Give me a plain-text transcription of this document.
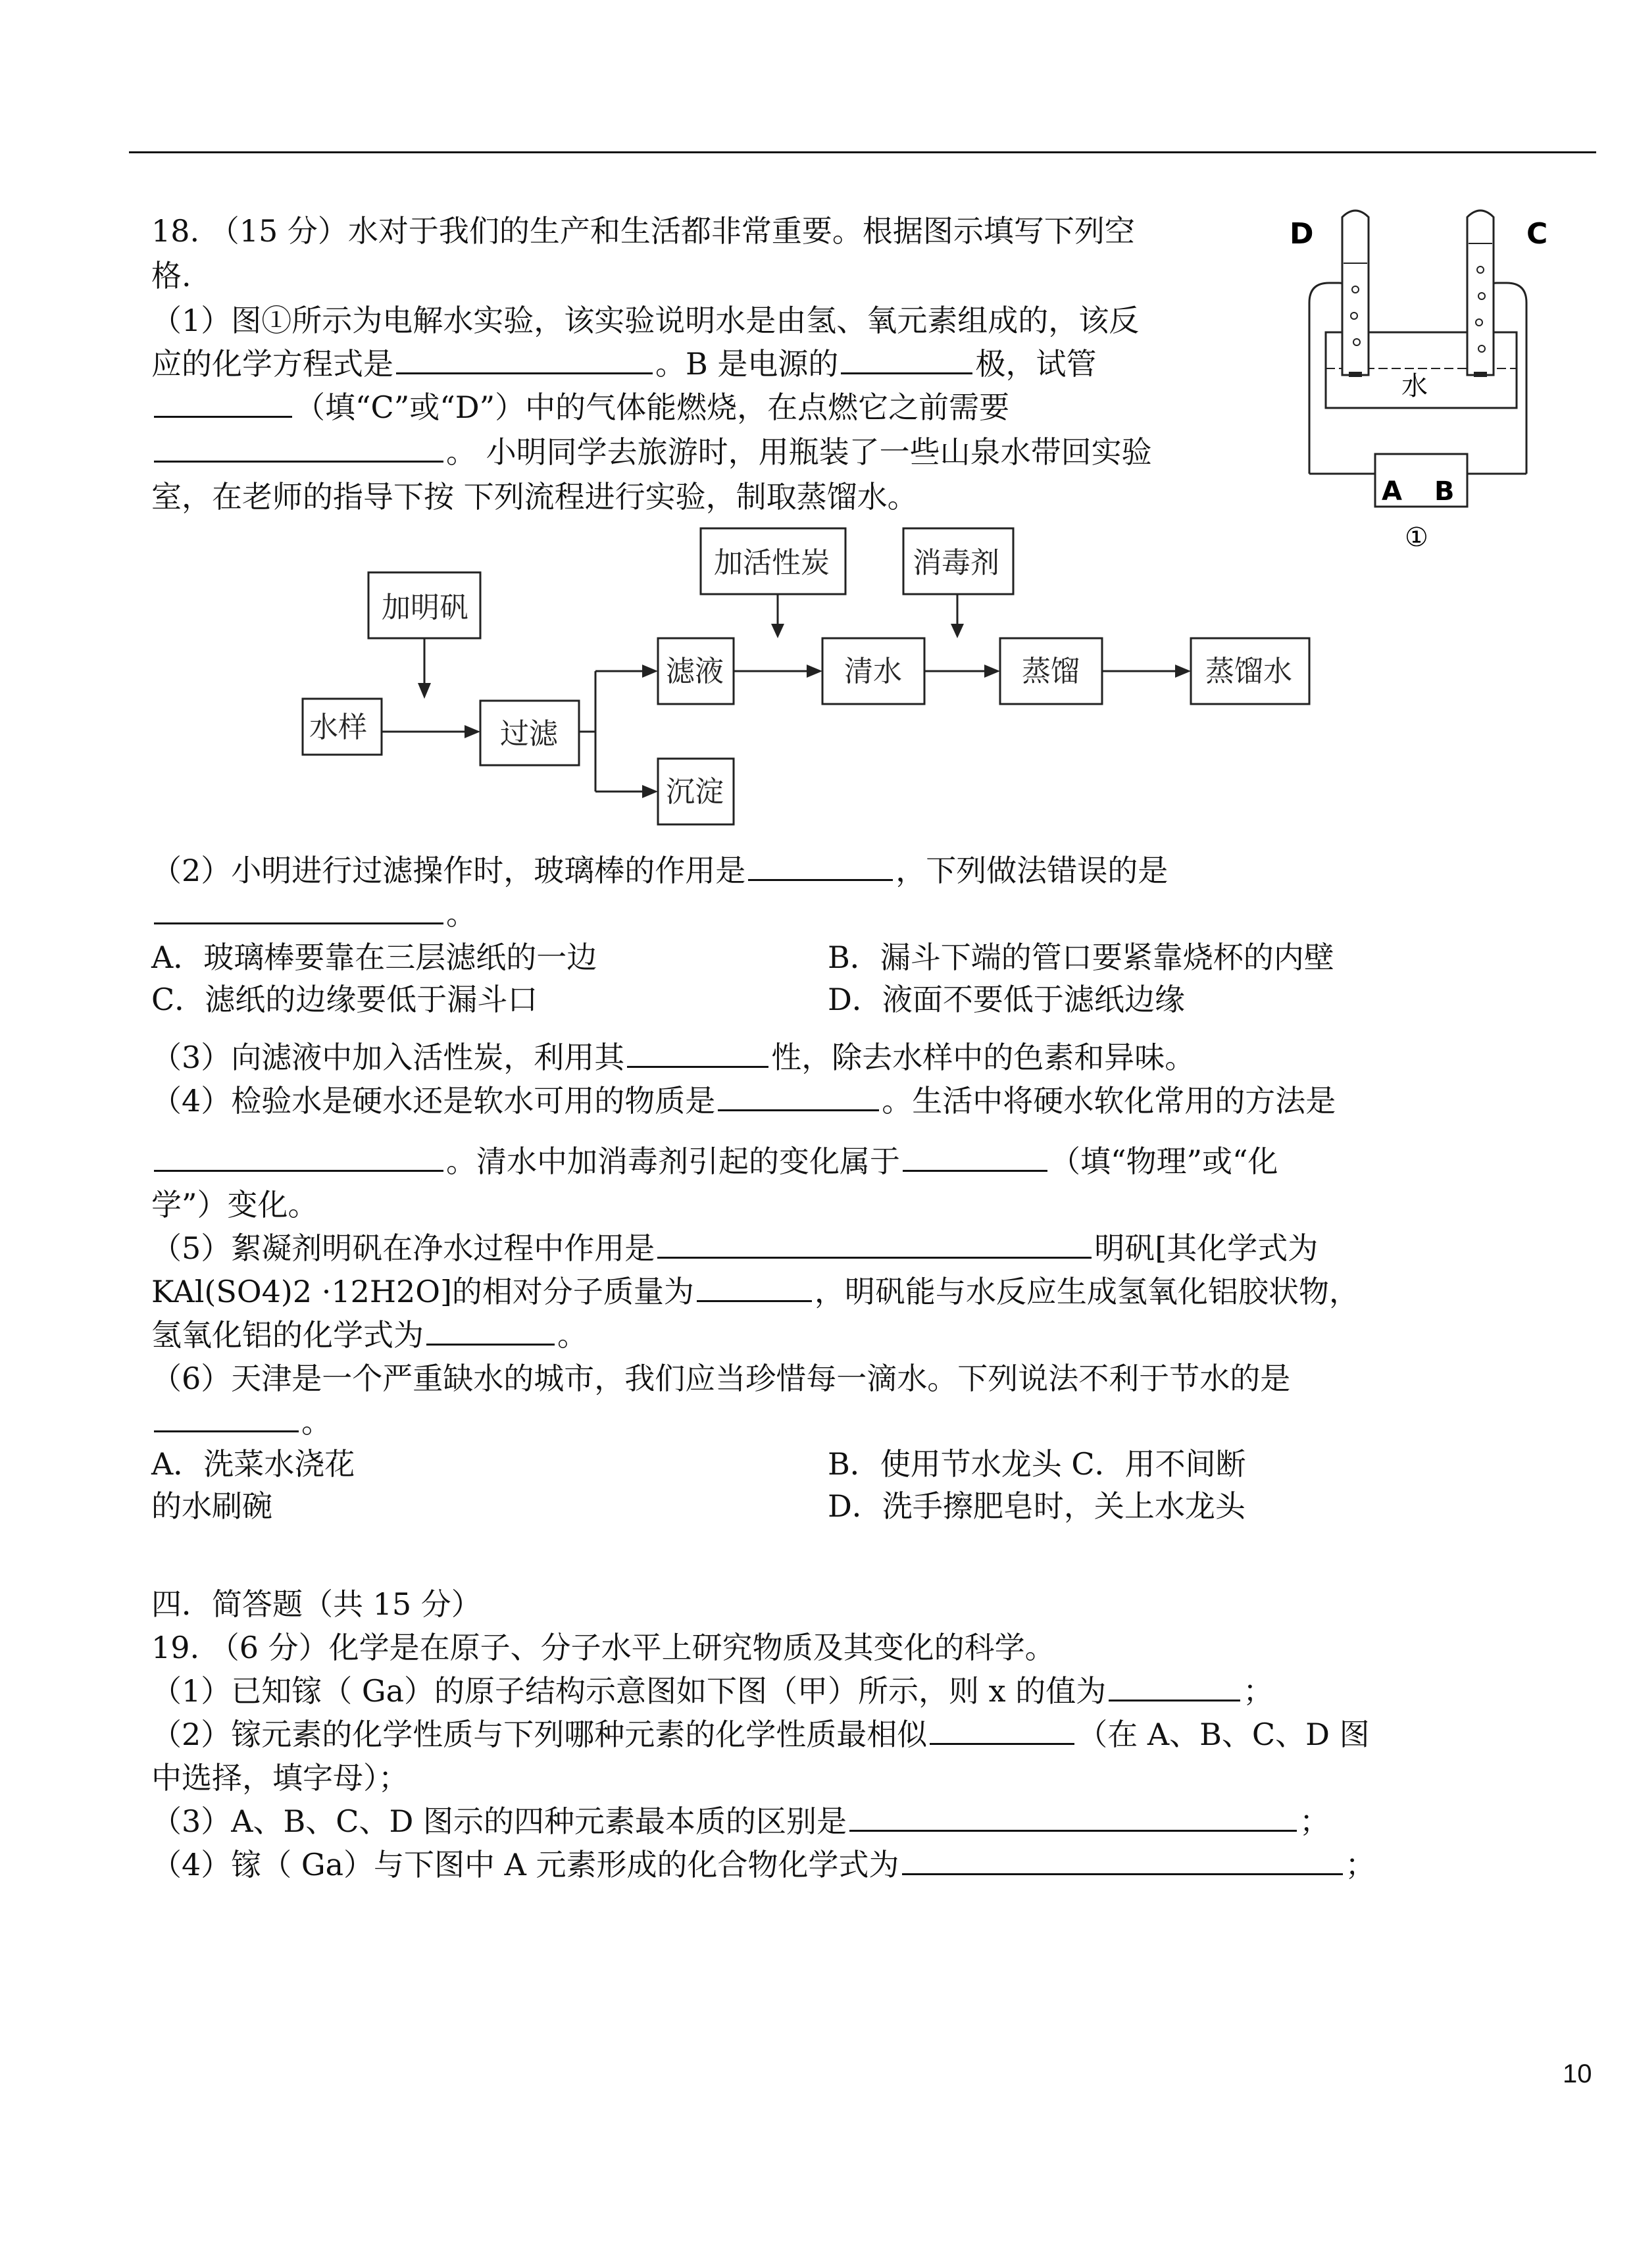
18. （15 分）水对于我们的生产和生活都非常重要。根据图示填写下列空
格.
（1）图①所示为电解水实验，该实验说明水是由氢、氧元素组成的，该反
应的化学方程式是	。B 是电源的	极，试管
（填“C”或“D”）中的气体能燃烧，在点燃它之前需要
。 小明同学去旅游时，用瓶装了一些山泉水带回实验
室，在老师的指导下按 下列流程进行实验，制取蒸馏水。	A B
D	C
水
①
加明矾
水样	过滤
滤液
沉淀
加活性炭
清水
消毒剂
蒸馏	蒸馏水
（2）小明进行过滤操作时，玻璃棒的作用是	，下列做法错误的是
。
A．玻璃棒要靠在三层滤纸的一边	B．漏斗下端的管口要紧靠烧杯的内壁
C．滤纸的边缘要低于漏斗口	D．液面不要低于滤纸边缘
（3）向滤液中加入活性炭，利用其	性，除去水样中的色素和异味。
（4）检验水是硬水还是软水可用的物质是	。生活中将硬水软化常用的方法是
。清水中加消毒剂引起的变化属于	（填“物理”或“化
学”）变化。
（5）絮凝剂明矾在净水过程中作用是	明矾[其化学式为
KAl(SO4)2 ·12H2O]的相对分子质量为	，明矾能与水反应生成氢氧化铝胶状物，
氢氧化铝的化学式为	。
（6）天津是一个严重缺水的城市，我们应当珍惜每一滴水。下列说法不利于节水的是
。
A．洗菜水浇花	B．使用节水龙头 C．用不间断
的水刷碗	D．洗手擦肥皂时，关上水龙头
四．简答题（共 15 分）
19. （6 分）化学是在原子、分子水平上研究物质及其变化的科学。
（1）已知镓（ Ga）的原子结构示意图如下图（甲）所示，则 x 的值为	；
（2）镓元素的化学性质与下列哪种元素的化学性质最相似	（在 A、B、C、D 图
中选择，填字母）；
（3）A、B、C、D 图示的四种元素最本质的区别是	；
（4）镓（ Ga）与下图中 A 元素形成的化合物化学式为	；
10
